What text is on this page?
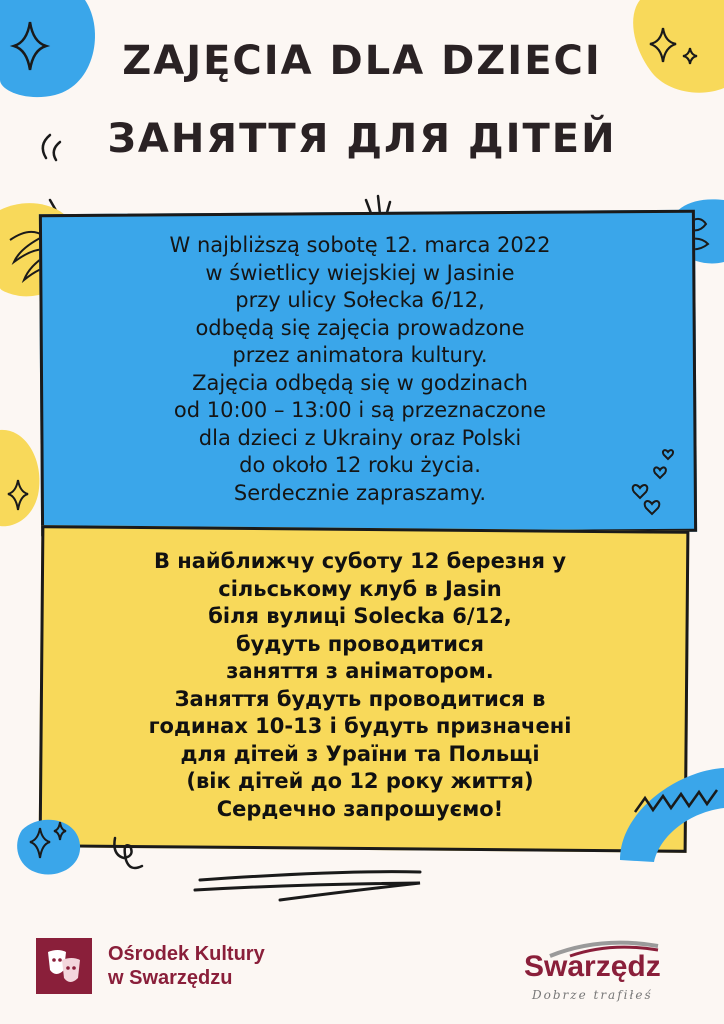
ZAJĘCIA DLA DZIECI
ЗАНЯТТЯ ДЛЯ ДІТЕЙ
W najbliższą sobotę 12. marca 2022
w świetlicy wiejskiej w Jasinie
przy ulicy Sołecka 6/12,
odbędą się zajęcia prowadzone
przez animatora kultury.
Zajęcia odbędą się w godzinach
od 10:00 – 13:00 i są przeznaczone
dla dzieci z Ukrainy oraz Polski
do około 12 roku życia.
Serdecznie zapraszamy.
В найближчу суботу 12 березня у
сільському клуб в Jasin
біля вулиці Solecka 6/12,
будуть проводитися
заняття з аніматором.
Заняття будуть проводитися в
годинах 10-13 і будуть призначені
для дітей з Ураїни та Польщі
(вік дітей до 12 року життя)
Сердечно запрошуємо!
Ośrodek Kultury
w Swarzędzu	Swarzędz
Dobrze trafiłeś
